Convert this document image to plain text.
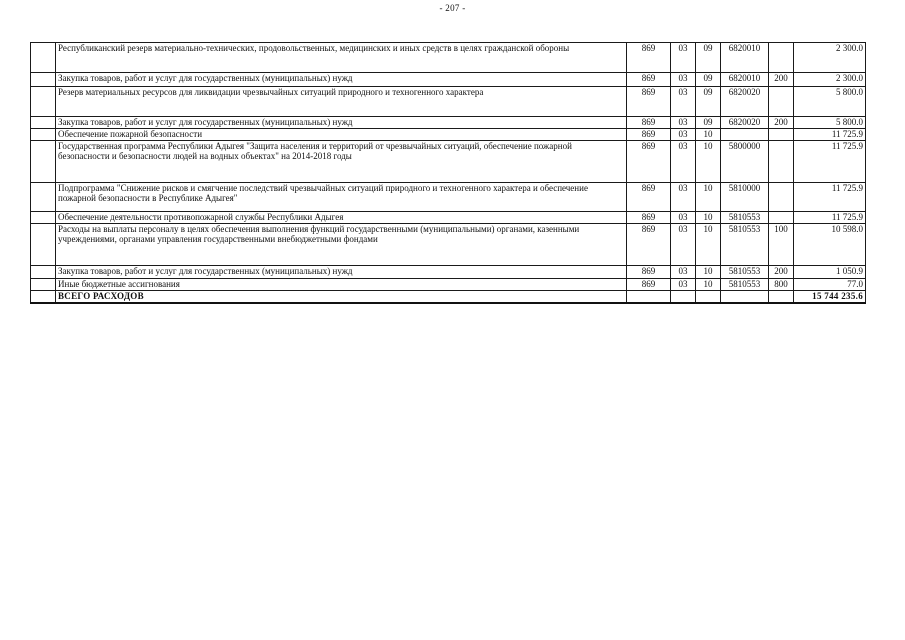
- 207 -
	Республиканский резерв материально-технических, продовольственных, медицинских и иных средств в целях гражданской обороны	869	03	09	6820010		2 300.0
	Закупка товаров, работ и услуг для государственных (муниципальных) нужд	869	03	09	6820010	200	2 300.0
	Резерв материальных ресурсов для ликвидации чрезвычайных ситуаций природного и техногенного характера	869	03	09	6820020		5 800.0
	Закупка товаров, работ и услуг для государственных (муниципальных) нужд	869	03	09	6820020	200	5 800.0
	Обеспечение пожарной безопасности	869	03	10			11 725.9
	Государственная программа Республики Адыгея "Защита населения и территорий от чрезвычайных ситуаций, обеспечение пожарной безопасности и безопасности людей на водных объектах" на 2014-2018 годы	869	03	10	5800000		11 725.9
	Подпрограмма "Снижение рисков и смягчение последствий чрезвычайных ситуаций природного и техногенного характера и обеспечение пожарной безопасности в Республике Адыгея"	869	03	10	5810000		11 725.9
	Обеспечение деятельности противопожарной службы Республики Адыгея	869	03	10	5810553		11 725.9
	Расходы на выплаты персоналу в целях обеспечения выполнения функций государственными (муниципальными) органами, казенными учреждениями, органами управления государственными внебюджетными фондами	869	03	10	5810553	100	10 598.0
	Закупка товаров, работ и услуг для государственных (муниципальных) нужд	869	03	10	5810553	200	1 050.9
	Иные бюджетные ассигнования	869	03	10	5810553	800	77.0
	ВСЕГО РАСХОДОВ						15 744 235.6
